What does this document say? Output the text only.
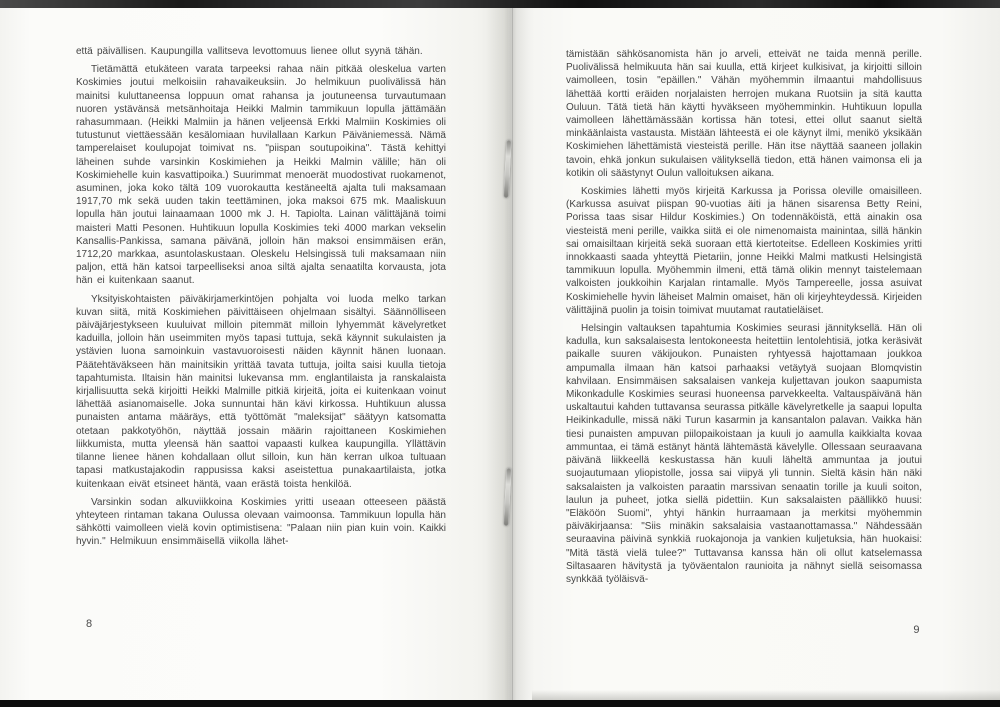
että päivällisen. Kaupungilla vallitseva levottomuus lienee ollut syynä tähän.

Tietämättä etukäteen varata tarpeeksi rahaa näin pitkää oleskelua varten Koskimies joutui melkoisiin rahavaikeuksiin. Jo helmikuun puolivälissä hän mainitsi kuluttaneensa loppuun omat rahansa ja joutuneensa turvautumaan nuoren ystävänsä metsänhoitaja Heikki Malmin tammikuun lopulla jättämään rahasummaan. (Heikki Malmiin ja hänen veljeensä Erkki Malmiin Koskimies oli tutustunut viettäessään kesälomiaan huvilallaan Karkun Päiväniemessä. Nämä tamperelaiset koulupojat toimivat ns. "piispan soutupoikina". Tästä kehittyi läheinen suhde varsinkin Koskimiehen ja Heikki Malmin välille; hän oli Koskimiehelle kuin kasvattipoika.) Suurimmat menoerät muodostivat ruokamenot, asuminen, joka koko tältä 109 vuorokautta kestäneeltä ajalta tuli maksamaan 1917,70 mk sekä uuden takin teettäminen, joka maksoi 675 mk. Maaliskuun lopulla hän joutui lainaamaan 1000 mk J. H. Tapiolta. Lainan välittäjänä toimi maisteri Matti Pesonen. Huhtikuun lopulla Koskimies teki 4000 markan vekselin Kansallis-Pankissa, samana päivänä, jolloin hän maksoi ensimmäisen erän, 1712,20 markkaa, asuntolaskustaan. Oleskelu Helsingissä tuli maksamaan niin paljon, että hän katsoi tarpeelliseksi anoa siltä ajalta senaatilta korvausta, jota hän ei kuitenkaan saanut.

Yksityiskohtaisten päiväkirjamerkintöjen pohjalta voi luoda melko tarkan kuvan siitä, mitä Koskimiehen päivittäiseen ohjelmaan sisältyi. Säännölliseen päiväjärjestykseen kuuluivat milloin pitemmät milloin lyhyemmät kävelyretket kaduilla, jolloin hän useimmiten myös tapasi tuttuja, sekä käynnit sukulaisten ja ystävien luona samoinkuin vastavuoroisesti näiden käynnit hänen luonaan. Päätehtäväkseen hän mainitsikin yrittää tavata tuttuja, joilta saisi kuulla tietoja tapahtumista. Iltaisin hän mainitsi lukevansa mm. englantilaista ja ranskalaista kirjallisuutta sekä kirjoitti Heikki Malmille pitkiä kirjeitä, joita ei kuitenkaan voinut lähettää asianomaiselle. Joka sunnuntai hän kävi kirkossa. Huhtikuun alussa punaisten antama määräys, että työttömät "maleksijat" säätyyn katsomatta otetaan pakkotyöhön, näyttää jossain määrin rajoittaneen Koskimiehen liikkumista, mutta yleensä hän saattoi vapaasti kulkea kaupungilla. Yllättävin tilanne lienee hänen kohdallaan ollut silloin, kun hän kerran ulkoa tultuaan tapasi matkustajakodin rappusissa kaksi aseistettua punakaartilaista, jotka kuitenkaan eivät etsineet häntä, vaan erästä toista henkilöä.

Varsinkin sodan alkuviikkoina Koskimies yritti useaan otteeseen päästä yhteyteen rintaman takana Oulussa olevaan vaimoonsa. Tammikuun lopulla hän sähkötti vaimolleen vielä kovin optimistisena: "Palaan niin pian kuin voin. Kaikki hyvin." Helmikuun ensimmäisellä viikolla lähet-

8

tämistään sähkösanomista hän jo arveli, etteivät ne taida mennä perille. Puolivälissä helmikuuta hän sai kuulla, että kirjeet kulkisivat, ja kirjoitti silloin vaimolleen, tosin "epäillen." Vähän myöhemmin ilmaantui mahdollisuus lähettää kortti eräiden norjalaisten herrojen mukana Ruotsiin ja sitä kautta Ouluun. Tätä tietä hän käytti hyväkseen myöhemminkin. Huhtikuun lopulla vaimolleen lähettämässään kortissa hän totesi, ettei ollut saanut sieltä minkäänlaista vastausta. Mistään lähteestä ei ole käynyt ilmi, menikö yksikään Koskimiehen lähettämistä viesteistä perille. Hän itse näyttää saaneen jollakin tavoin, ehkä jonkun sukulaisen välityksellä tiedon, että hänen vaimonsa eli ja kotikin oli säästynyt Oulun valloituksen aikana.

Koskimies lähetti myös kirjeitä Karkussa ja Porissa oleville omaisilleen. (Karkussa asuivat piispan 90-vuotias äiti ja hänen sisarensa Betty Reini, Porissa taas sisar Hildur Koskimies.) On todennäköistä, että ainakin osa viesteistä meni perille, vaikka siitä ei ole nimenomaista mainintaa, sillä hänkin sai omaisiltaan kirjeitä sekä suoraan että kiertoteitse. Edelleen Koskimies yritti innokkaasti saada yhteyttä Pietariin, jonne Heikki Malmi matkusti Helsingistä tammikuun lopulla. Myöhemmin ilmeni, että tämä olikin mennyt taistelemaan valkoisten joukkoihin Karjalan rintamalle. Myös Tampereelle, jossa asuivat Koskimiehelle hyvin läheiset Malmin omaiset, hän oli kirjeyhteydessä. Kirjeiden välittäjinä puolin ja toisin toimivat muutamat rautatieläiset.

Helsingin valtauksen tapahtumia Koskimies seurasi jännityksellä. Hän oli kadulla, kun saksalaisesta lentokoneesta heitettiin lentolehtisiä, jotka keräsivät paikalle suuren väkijoukon. Punaisten ryhtyessä hajottamaan joukkoa ampumalla ilmaan hän katsoi parhaaksi vetäytyä suojaan Blomqvistin kahvilaan. Ensimmäisen saksalaisen vankeja kuljettavan joukon saapumista Mikonkadulle Koskimies seurasi huoneensa parvekkeelta. Valtauspäivänä hän uskaltautui kahden tuttavansa seurassa pitkälle kävelyretkelle ja saapui lopulta Heikinkadulle, missä näki Turun kasarmin ja kansantalon palavan. Vaikka hän tiesi punaisten ampuvan piilopaikoistaan ja kuuli jo aamulla kaikkialta kovaa ammuntaa, ei tämä estänyt häntä lähtemästä kävelylle. Ollessaan seuraavana päivänä liikkeellä keskustassa hän kuuli läheltä ammuntaa ja joutui suojautumaan yliopistolle, jossa sai viipyä yli tunnin. Sieltä käsin hän näki saksalaisten ja valkoisten paraatin marssivan senaatin torille ja kuuli soiton, laulun ja puheet, jotka siellä pidettiin. Kun saksalaisten päällikkö huusi: "Eläköön Suomi", yhtyi hänkin hurraamaan ja merkitsi myöhemmin päiväkirjaansa: "Siis minäkin saksalaisia vastaanottamassa." Nähdessään seuraavina päivinä synkkiä ruokajonoja ja vankien kuljetuksia, hän huokaisi: "Mitä tästä vielä tulee?" Tuttavansa kanssa hän oli ollut katselemassa Siltasaaren hävitystä ja työväentalon raunioita ja nähnyt siellä seisomassa synkkää työläisvä-

9
